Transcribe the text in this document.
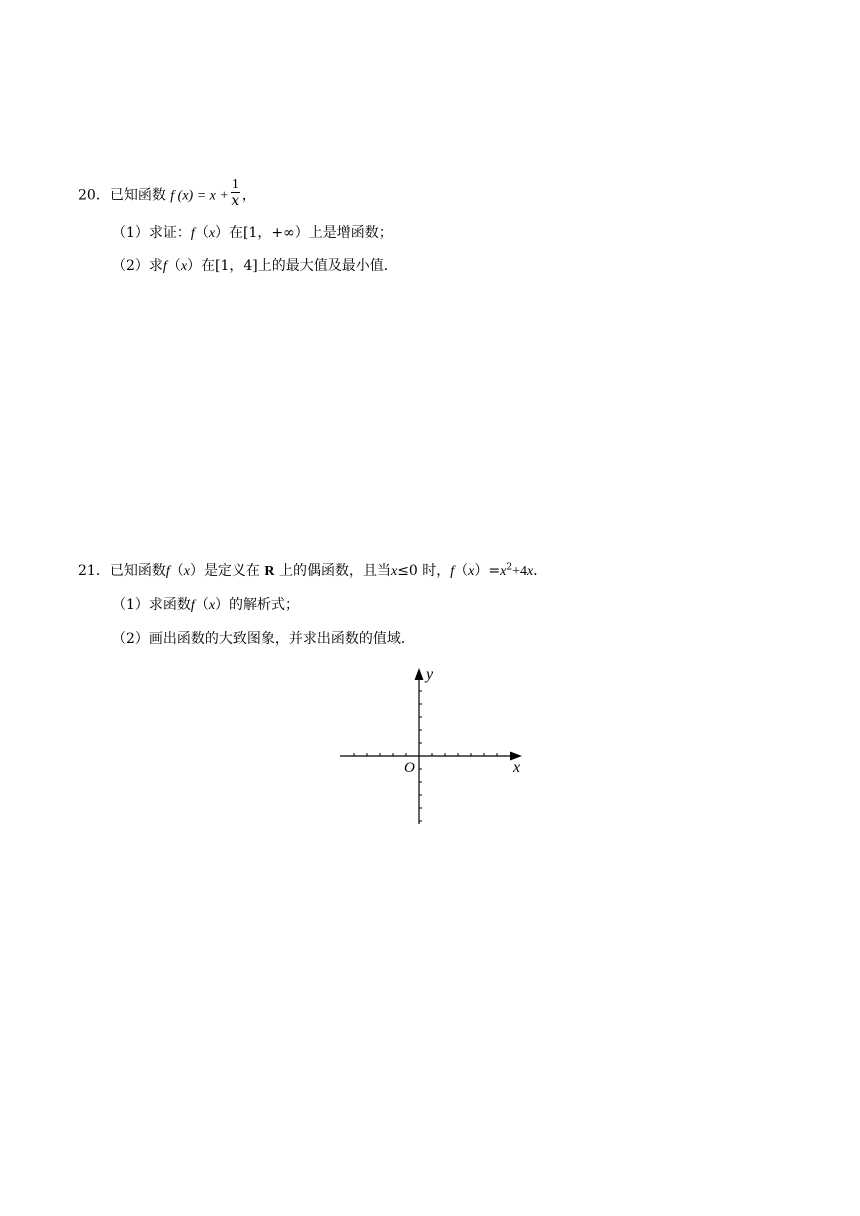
20．已知函数 f $(x) = x + \frac{1}{x}$ ，
（1）求证：f（x）在[1，+∞）上是增函数；
（2）求f（x）在[1，4]上的最大值及最小值．
21．已知函数f（x）是定义在 R 上的偶函数，且当x≤0 时，$f(x)=x^2+4x$．
（1）求函数f（x）的解析式；
（2）画出函数的大致图象，并求出函数的值域．
y
x
O
